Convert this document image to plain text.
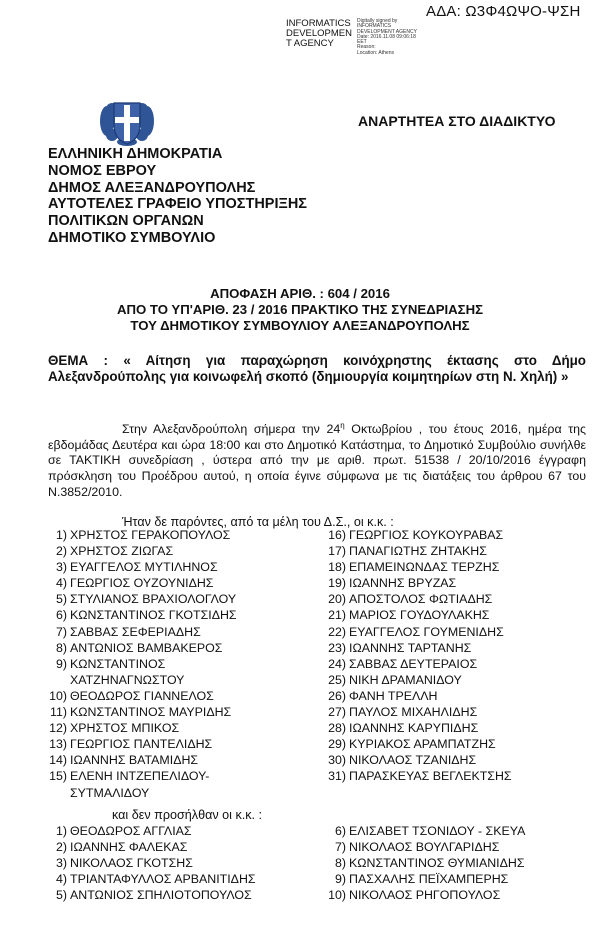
ΑΔΑ: Ω3Φ4ΩΨΟ-ΨΣΗ
INFORMATICS DEVELOPMEN T AGENCY
Digitally signed by
INFORMATICS
DEVELOPMENT AGENCY
Date: 2016.11.08 09:06:18
EET
Reason:
Location: Athens
ΑΝΑΡΤΗΤΕΑ ΣΤΟ ΔΙΑΔΙΚΤΥΟ
ΕΛΛΗΝΙΚΗ ΔΗΜΟΚΡΑΤΙΑ
ΝΟΜΟΣ ΕΒΡΟΥ
ΔΗΜΟΣ ΑΛΕΞΑΝΔΡΟΥΠΟΛΗΣ
ΑΥΤΟΤΕΛΕΣ ΓΡΑΦΕΙΟ ΥΠΟΣΤΗΡΙΞΗΣ
ΠΟΛΙΤΙΚΩΝ ΟΡΓΑΝΩΝ
ΔΗΜΟΤΙΚΟ ΣΥΜΒΟΥΛΙΟ
ΑΠΟΦΑΣΗ ΑΡΙΘ. : 604 / 2016
ΑΠΟ ΤΟ ΥΠ'ΑΡΙΘ. 23 / 2016 ΠΡΑΚΤΙΚΟ ΤΗΣ ΣΥΝΕΔΡΙΑΣΗΣ
ΤΟΥ ΔΗΜΟΤΙΚΟΥ ΣΥΜΒΟΥΛΙΟΥ ΑΛΕΞΑΝΔΡΟΥΠΟΛΗΣ
ΘΕΜΑ : « Αίτηση για παραχώρηση κοινόχρηστης έκτασης στο Δήμο Αλεξανδρούπολης για κοινωφελή σκοπό (δημιουργία κοιμητηρίων στη Ν. Χηλή) »

Στην Αλεξανδρούπολη σήμερα την $24^\eta$ Οκτωβρίου , του έτους 2016, ημέρα της εβδομάδας Δευτέρα και ώρα 18:00 και στο Δημοτικό Κατάστημα, το Δημοτικό Συμβούλιο συνήλθε σε ΤΑΚΤΙΚΗ συνεδρίαση , ύστερα από την με αριθ. πρωτ. 51538 / 20/10/2016 έγγραφη πρόσκληση του Προέδρου αυτού, η οποία έγινε σύμφωνα με τις διατάξεις του άρθρου 67 του Ν.3852/2010.

Ήταν δε παρόντες, από τα μέλη του Δ.Σ., οι κ.κ. :
1) ΧΡΗΣΤΟΣ ΓΕΡΑΚΟΠΟΥΛΟΣ
2) ΧΡΗΣΤΟΣ ΖΙΩΓΑΣ
3) ΕΥΑΓΓΕΛΟΣ ΜΥΤΙΛΗΝΟΣ
4) ΓΕΩΡΓΙΟΣ ΟΥΖΟΥΝΙΔΗΣ
5) ΣΤΥΛΙΑΝΟΣ ΒΡΑΧΙΟΛΟΓΛΟΥ
6) ΚΩΝΣΤΑΝΤΙΝΟΣ ΓΚΟΤΣΙΔΗΣ
7) ΣΑΒΒΑΣ ΣΕΦΕΡΙΑΔΗΣ
8) ΑΝΤΩΝΙΟΣ ΒΑΜΒΑΚΕΡΟΣ
9) ΚΩΝΣΤΑΝΤΙΝΟΣ
ΧΑΤΖΗΝΑΓΝΩΣΤΟΥ
10) ΘΕΟΔΩΡΟΣ ΓΙΑΝΝΕΛΟΣ
11) ΚΩΝΣΤΑΝΤΙΝΟΣ ΜΑΥΡΙΔΗΣ
12) ΧΡΗΣΤΟΣ ΜΠΙΚΟΣ
13) ΓΕΩΡΓΙΟΣ ΠΑΝΤΕΛΙΔΗΣ
14) ΙΩΑΝΝΗΣ ΒΑΤΑΜΙΔΗΣ
15) ΕΛΕΝΗ ΙΝΤΖΕΠΕΛΙΔΟΥ-
ΣΥΤΜΑΛΙΔΟΥ
16) ΓΕΩΡΓΙΟΣ ΚΟΥΚΟΥΡΑΒΑΣ
17) ΠΑΝΑΓΙΩΤΗΣ ΖΗΤΑΚΗΣ
18) ΕΠΑΜΕΙΝΩΝΔΑΣ ΤΕΡΖΗΣ
19) ΙΩΑΝΝΗΣ ΒΡΥΖΑΣ
20) ΑΠΟΣΤΟΛΟΣ ΦΩΤΙΑΔΗΣ
21) ΜΑΡΙΟΣ ΓΟΥΔΟΥΛΑΚΗΣ
22) ΕΥΑΓΓΕΛΟΣ ΓΟΥΜΕΝΙΔΗΣ
23) ΙΩΑΝΝΗΣ ΤΑΡΤΑΝΗΣ
24) ΣΑΒΒΑΣ ΔΕΥΤΕΡΑΙΟΣ
25) ΝΙΚΗ ΔΡΑΜΑΝΙΔΟΥ
26) ΦΑΝΗ ΤΡΕΛΛΗ
27) ΠΑΥΛΟΣ ΜΙΧΑΗΛΙΔΗΣ
28) ΙΩΑΝΝΗΣ ΚΑΡΥΠΙΔΗΣ
29) ΚΥΡΙΑΚΟΣ ΑΡΑΜΠΑΤΖΗΣ
30) ΝΙΚΟΛΑΟΣ ΤΖΑΝΙΔΗΣ
31) ΠΑΡΑΣΚΕΥΑΣ ΒΕΓΛΕΚΤΣΗΣ
και δεν προσήλθαν οι κ.κ. :
1) ΘΕΟΔΩΡΟΣ ΑΓΓΛΙΑΣ
2) ΙΩΑΝΝΗΣ ΦΑΛΕΚΑΣ
3) ΝΙΚΟΛΑΟΣ ΓΚΟΤΣΗΣ
4) ΤΡΙΑΝΤΑΦΥΛΛΟΣ ΑΡΒΑΝΙΤΙΔΗΣ
5) ΑΝΤΩΝΙΟΣ ΣΠΗΛΙΟΤΟΠΟΥΛΟΣ
6) ΕΛΙΣΑΒΕΤ ΤΣΟΝΙΔΟΥ - ΣΚΕΥΑ
7) ΝΙΚΟΛΑΟΣ ΒΟΥΛΓΑΡΙΔΗΣ
8) ΚΩΝΣΤΑΝΤΙΝΟΣ ΘΥΜΙΑΝΙΔΗΣ
9) ΠΑΣΧΑΛΗΣ ΠΕΪΧΑΜΠΕΡΗΣ
10) ΝΙΚΟΛΑΟΣ ΡΗΓΟΠΟΥΛΟΣ
